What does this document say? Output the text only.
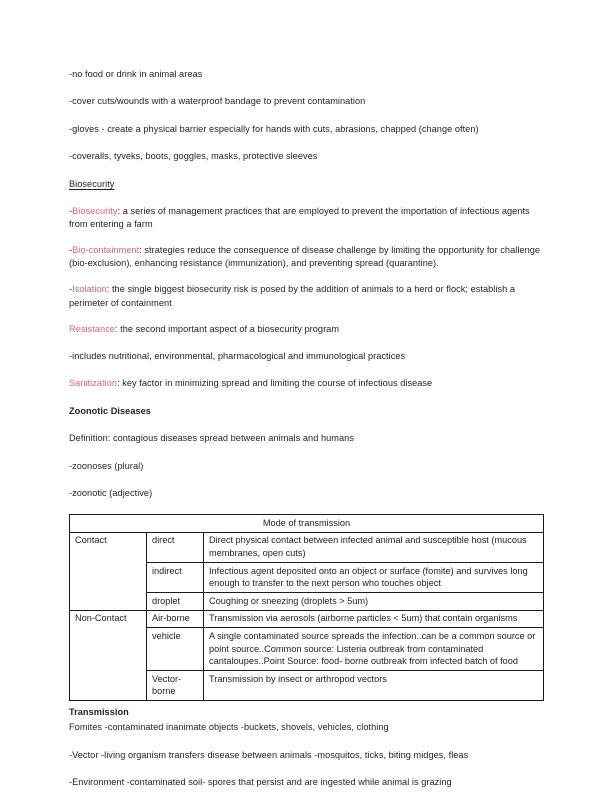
-no food or drink in animal areas

-cover cuts/wounds with a waterproof bandage to prevent contamination

-gloves - create a physical barrier especially for hands with cuts, abrasions, chapped (change often)

-coveralls, tyveks, boots, goggles, masks, protective sleeves

Biosecurity

-Biosecurity: a series of management practices that are employed to prevent the importation of infectious agents from entering a farm

-Bio-containment: strategies reduce the consequence of disease challenge by limiting the opportunity for challenge (bio-exclusion), enhancing resistance (immunization), and preventing spread (quarantine).

-Isolation: the single biggest biosecurity risk is posed by the addition of animals to a herd or flock; establish a perimeter of containment

Resistance: the second important aspect of a biosecurity program

-includes nutritional, environmental, pharmacological and immunological practices

Sanitization: key factor in minimizing spread and limiting the course of infectious disease

Zoonotic Diseases

Definition: contagious diseases spread between animals and humans

-zoonoses (plural)

-zoonotic (adjective)

Mode of transmission		
Contact	direct	Direct physical contact between infected animal and susceptible host (mucous membranes, open cuts)
	indirect	Infectious agent deposited onto an object or surface (fomite) and survives long enough to transfer to the next person who touches object
	droplet	Coughing or sneezing (droplets > 5um)
Non-Contact	Air-borne	Transmission via aerosols (airborne particles < 5um) that contain organisms
	vehicle	A single contaminated source spreads the infection..can be a common source or point source..Common source: Listeria outbreak from contaminated cantaloupes..Point Source: food- borne outbreak from infected batch of food
	Vector-borne	Transmission by insect or arthropod vectors

Transmission

Fomites -contaminated inanimate objects -buckets, shovels, vehicles, clothing

-Vector -living organism transfers disease between animals -mosquitos, ticks, biting midges, fleas

-Environment -contaminated soil- spores that persist and are ingested while animal is grazing
